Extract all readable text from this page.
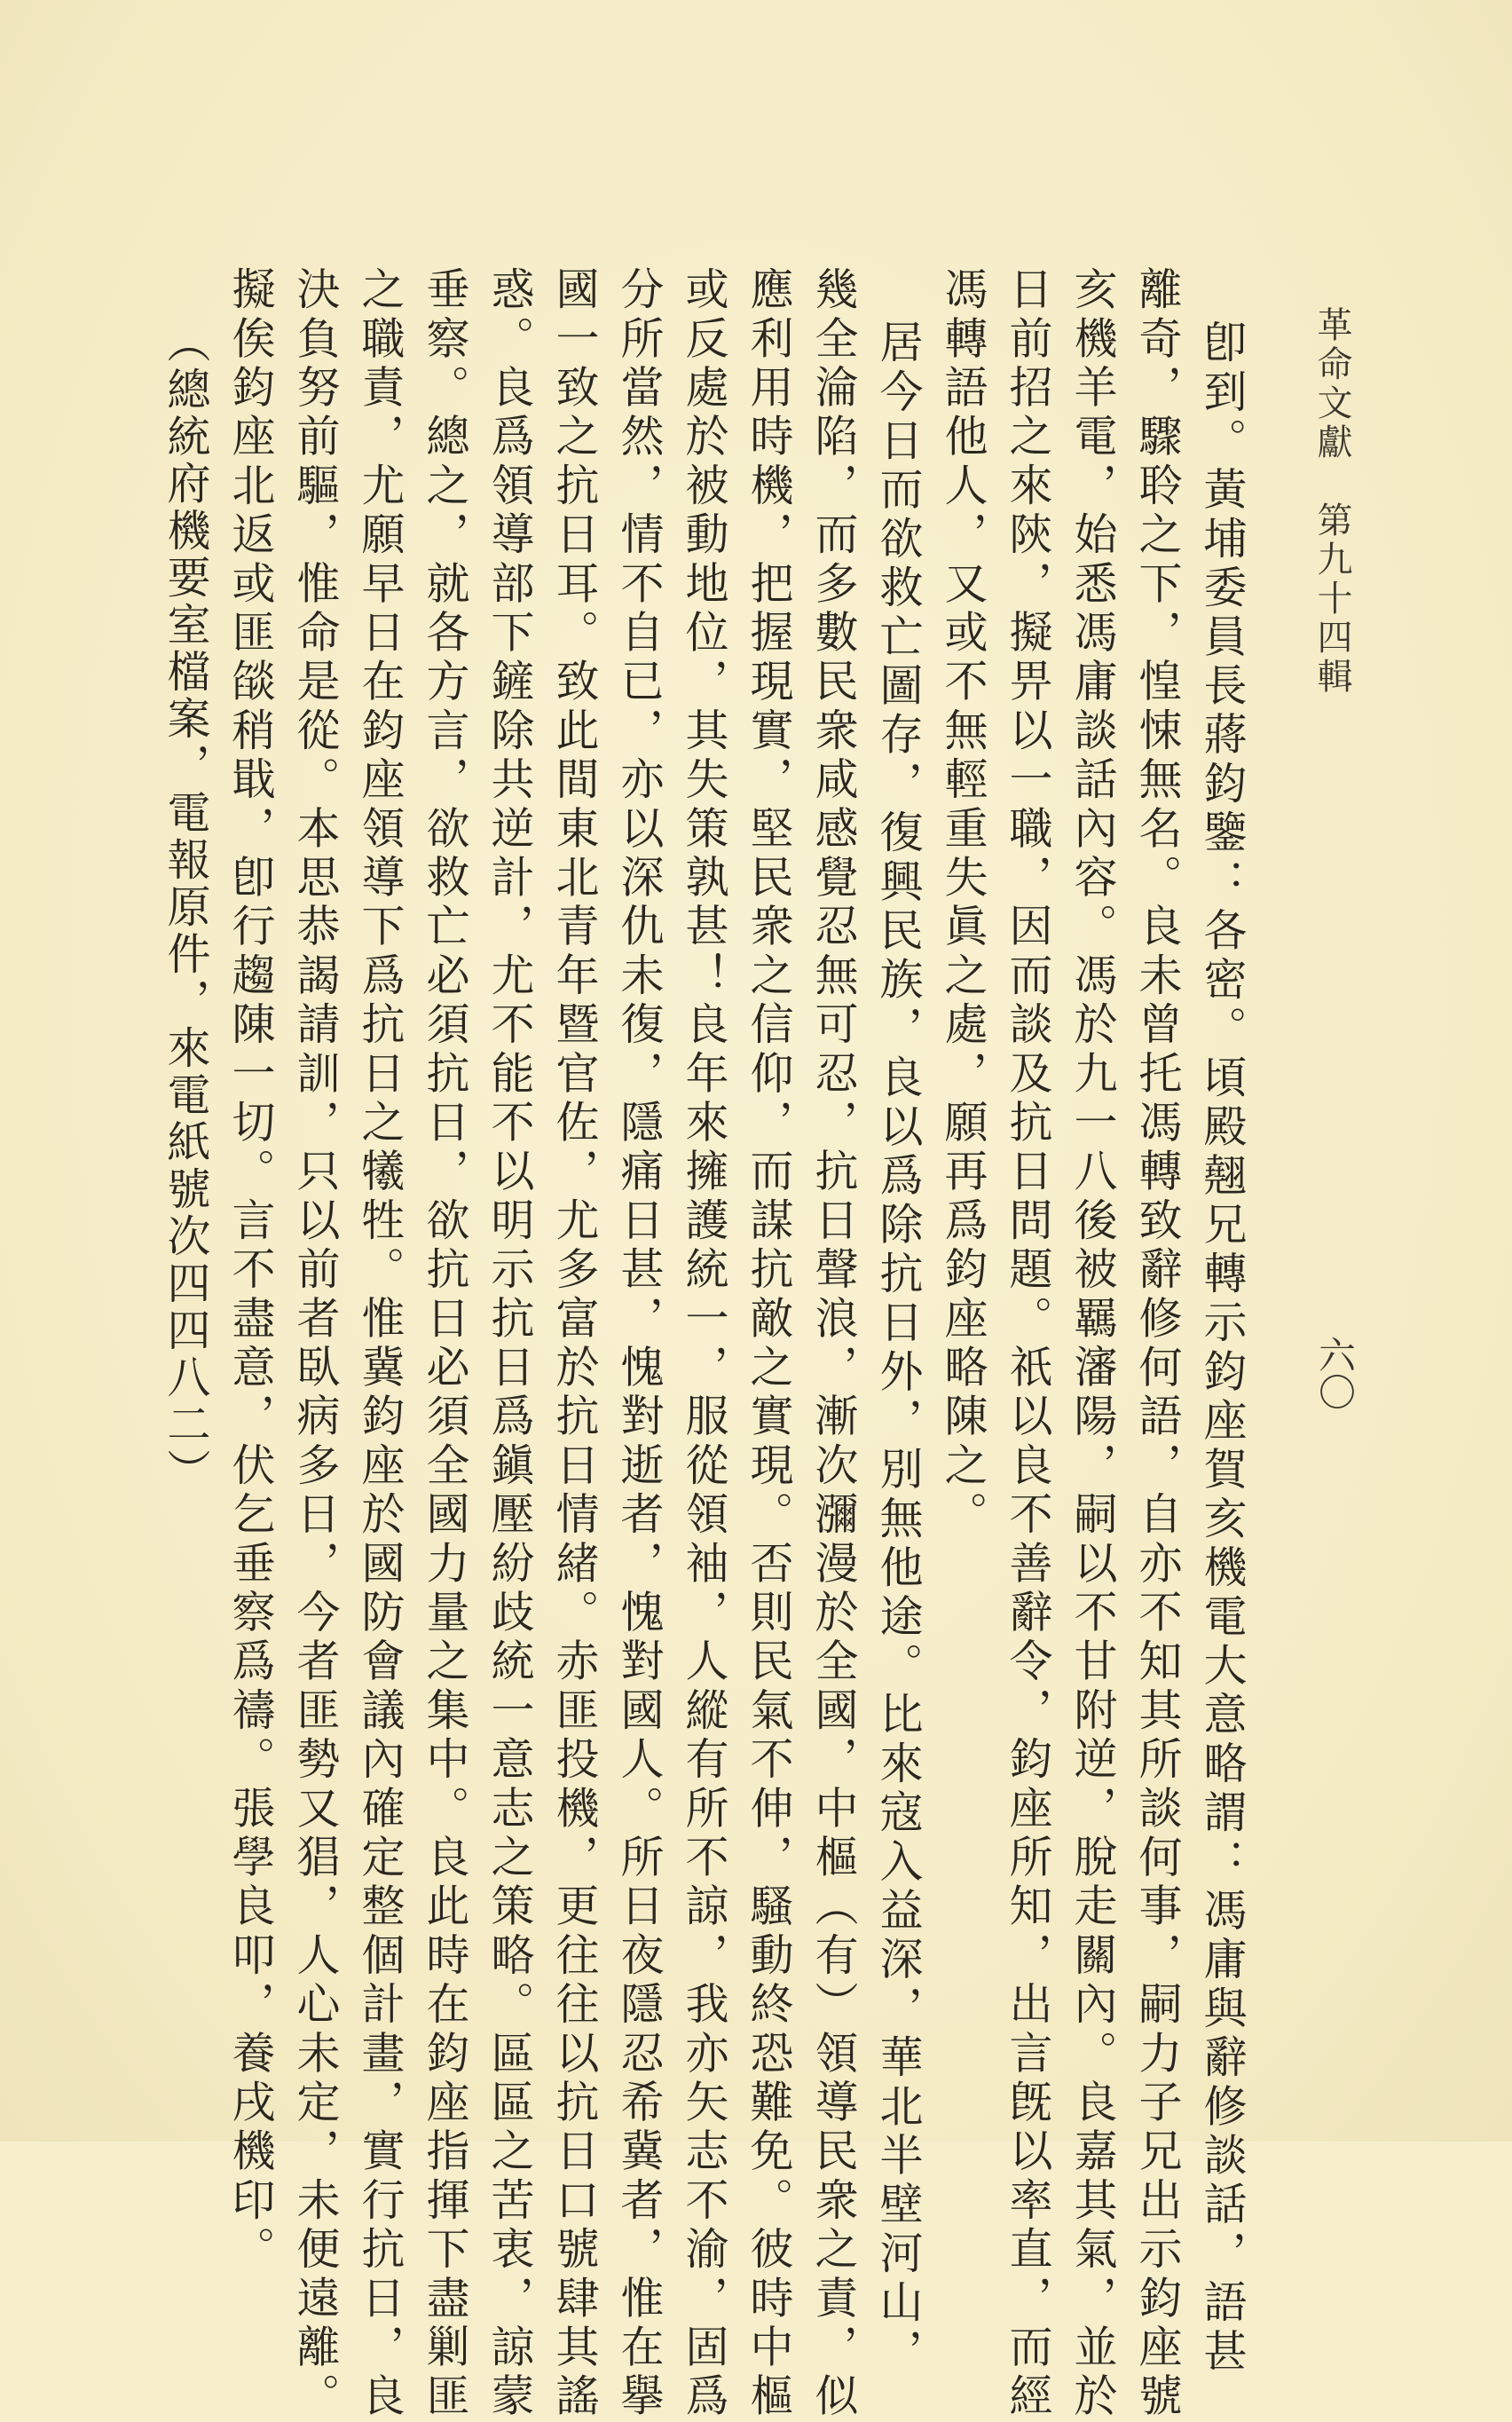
革命文獻　第九十四輯
六〇
卽到。黃埔委員長蔣鈞鑒：各密。頃殿翹兄轉示鈞座賀亥機電大意略謂：馮庸與辭修談話，語甚
離奇，驟聆之下，惶悚無名。良未曾托馮轉致辭修何語，自亦不知其所談何事，嗣力子兄出示鈞座號
亥機羊電，始悉馮庸談話內容。馮於九一八後被羈瀋陽，嗣以不甘附逆，脫走關內。良嘉其氣，並於
日前招之來陝，擬畀以一職，因而談及抗日問題。祇以良不善辭令，鈞座所知，出言旣以率直，而經
馮轉語他人，又或不無輕重失眞之處，願再爲鈞座略陳之。
居今日而欲救亡圖存，復興民族，良以爲除抗日外，別無他途。比來寇入益深，華北半壁河山，
幾全淪陷，而多數民衆咸感覺忍無可忍，抗日聲浪，漸次瀰漫於全國，中樞（有）領導民衆之責，似
應利用時機，把握現實，堅民衆之信仰，而謀抗敵之實現。否則民氣不伸，騷動終恐難免。彼時中樞
或反處於被動地位，其失策孰甚！良年來擁護統一，服從領袖，人縱有所不諒，我亦矢志不渝，固爲
分所當然，情不自已，亦以深仇未復，隱痛日甚，愧對逝者，愧對國人。所日夜隱忍希冀者，惟在擧
國一致之抗日耳。致此間東北青年暨官佐，尤多富於抗日情緒。赤匪投機，更往往以抗日口號肆其謠
惑。良爲領導部下鏟除共逆計，尤不能不以明示抗日爲鎭壓紛歧統一意志之策略。區區之苦衷，諒蒙
垂察。總之，就各方言，欲救亡必須抗日，欲抗日必須全國力量之集中。良此時在鈞座指揮下盡剿匪
之職責，尤願早日在鈞座領導下爲抗日之犧牲。惟冀鈞座於國防會議內確定整個計畫，實行抗日，良
決負努前驅，惟命是從。本思恭謁請訓，只以前者臥病多日，今者匪勢又猖，人心未定，未便遠離。
擬俟鈞座北返或匪燄稍戢，卽行趨陳一切。言不盡意，伏乞垂察爲禱。張學良叩，養戌機印。
（總統府機要室檔案，電報原件，來電紙號次四四八二）
